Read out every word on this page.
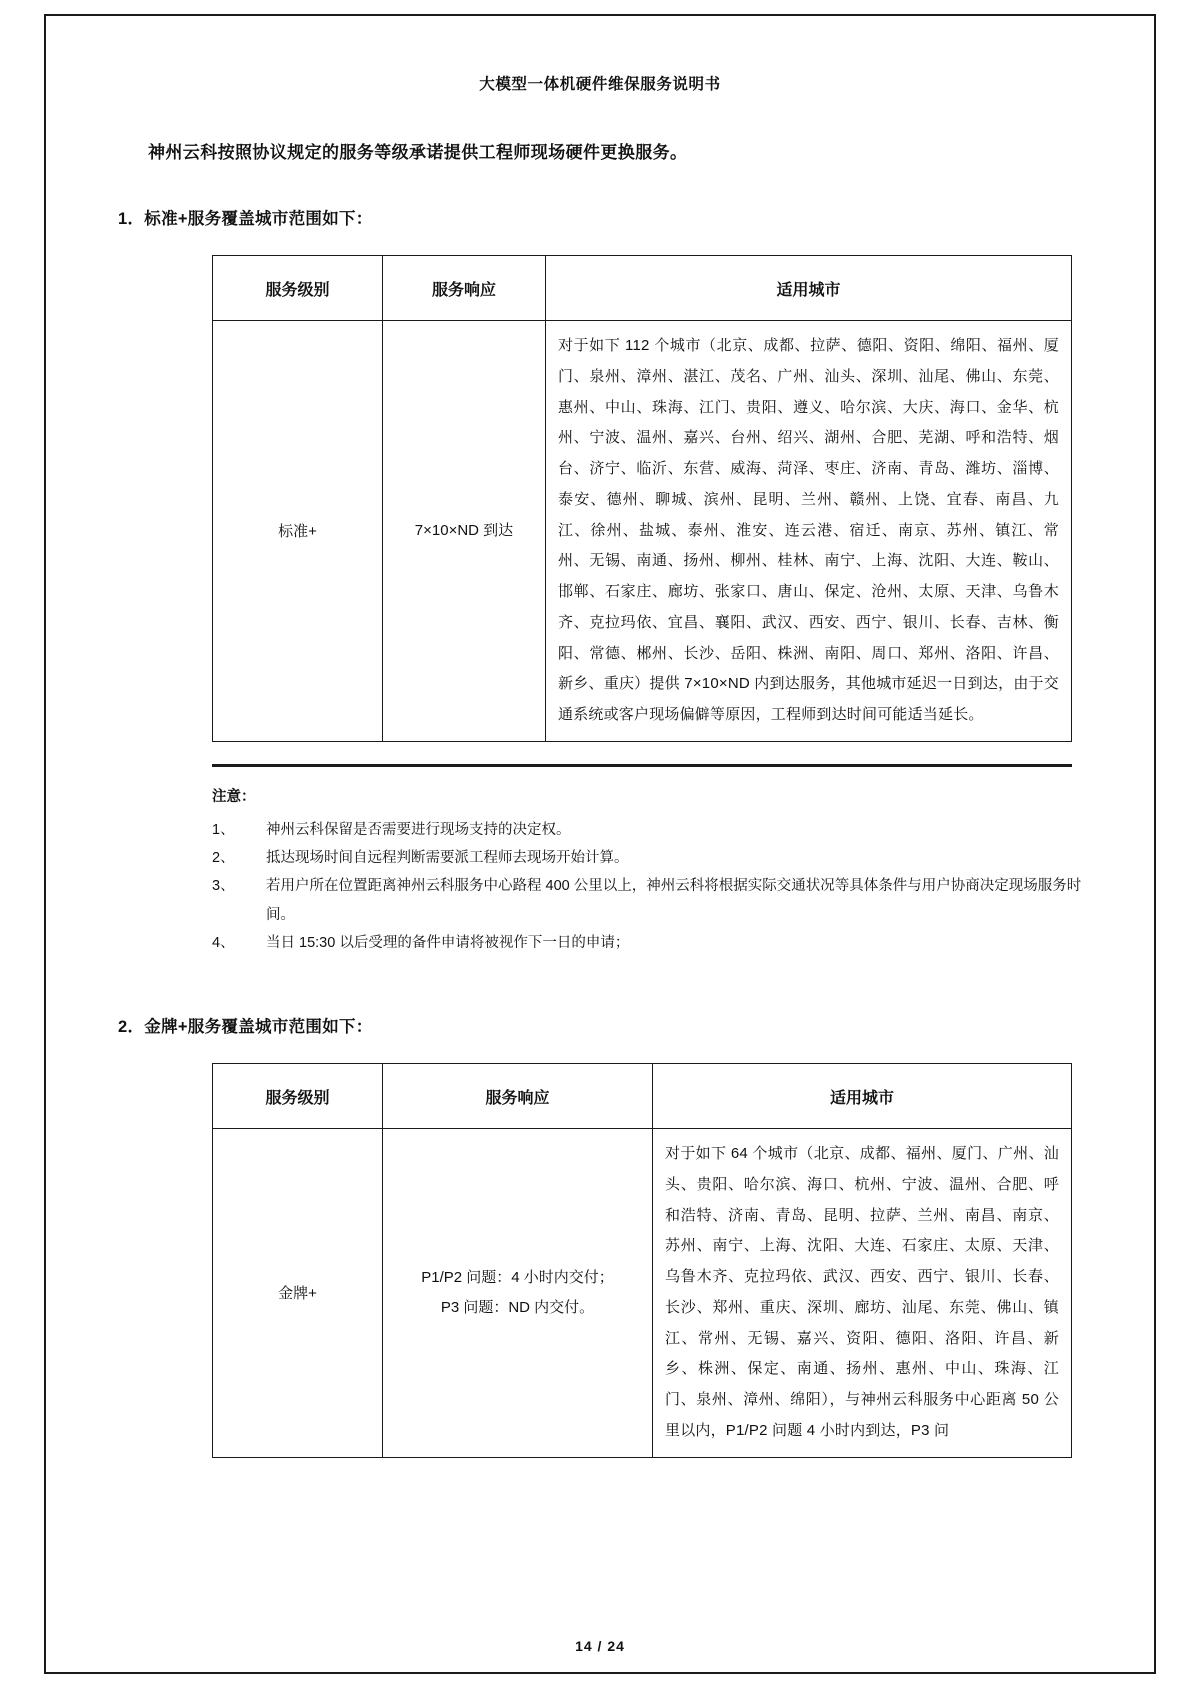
大模型一体机硬件维保服务说明书
神州云科按照协议规定的服务等级承诺提供工程师现场硬件更换服务。
1．标准+服务覆盖城市范围如下：
服务级别	服务响应	适用城市
标准+	7×10×ND 到达	对于如下 112 个城市（北京、成都、拉萨、德阳、资阳、绵阳、福州、厦门、泉州、漳州、湛江、茂名、广州、汕头、深圳、汕尾、佛山、东莞、惠州、中山、珠海、江门、贵阳、遵义、哈尔滨、大庆、海口、金华、杭州、宁波、温州、嘉兴、台州、绍兴、湖州、合肥、芜湖、呼和浩特、烟台、济宁、临沂、东营、威海、菏泽、枣庄、济南、青岛、潍坊、淄博、泰安、德州、聊城、滨州、昆明、兰州、赣州、上饶、宜春、南昌、九江、徐州、盐城、泰州、淮安、连云港、宿迁、南京、苏州、镇江、常州、无锡、南通、扬州、柳州、桂林、南宁、上海、沈阳、大连、鞍山、邯郸、石家庄、廊坊、张家口、唐山、保定、沧州、太原、天津、乌鲁木齐、克拉玛依、宜昌、襄阳、武汉、西安、西宁、银川、长春、吉林、衡阳、常德、郴州、长沙、岳阳、株洲、南阳、周口、郑州、洛阳、许昌、新乡、重庆）提供 7×10×ND 内到达服务，其他城市延迟一日到达，由于交通系统或客户现场偏僻等原因，工程师到达时间可能适当延长。
注意：
1、	神州云科保留是否需要进行现场支持的决定权。
2、	抵达现场时间自远程判断需要派工程师去现场开始计算。
3、	若用户所在位置距离神州云科服务中心路程 400 公里以上，神州云科将根据实际交通状况等具体条件与用户协商决定现场服务时间。
4、	当日 15:30 以后受理的备件申请将被视作下一日的申请；
2．金牌+服务覆盖城市范围如下：
服务级别	服务响应	适用城市
金牌+	P1/P2 问题：4 小时内交付；
P3 问题：ND 内交付。	对于如下 64 个城市（北京、成都、福州、厦门、广州、汕头、贵阳、哈尔滨、海口、杭州、宁波、温州、合肥、呼和浩特、济南、青岛、昆明、拉萨、兰州、南昌、南京、苏州、南宁、上海、沈阳、大连、石家庄、太原、天津、乌鲁木齐、克拉玛依、武汉、西安、西宁、银川、长春、长沙、郑州、重庆、深圳、廊坊、汕尾、东莞、佛山、镇江、常州、无锡、嘉兴、资阳、德阳、洛阳、许昌、新乡、株洲、保定、南通、扬州、惠州、中山、珠海、江门、泉州、漳州、绵阳），与神州云科服务中心距离 50 公里以内，P1/P2 问题 4 小时内到达，P3 问
14 / 24
